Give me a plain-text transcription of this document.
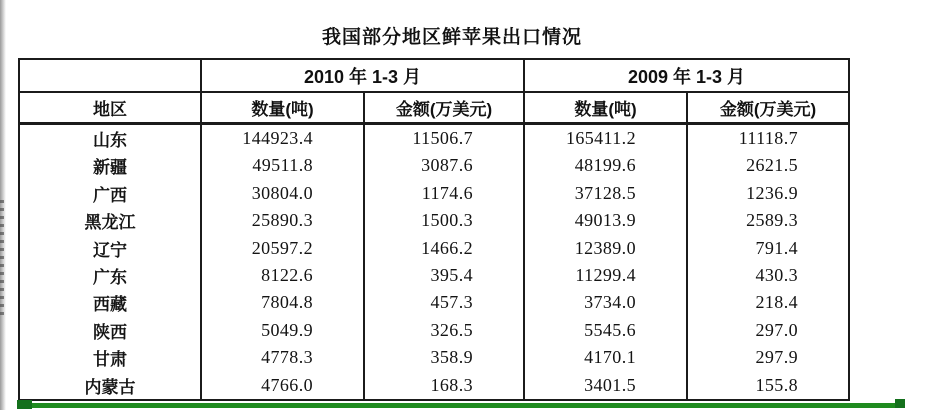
我国部分地区鲜苹果出口情况
	2010 年 1-3 月		2009 年 1-3 月	
地区	数量(吨)	金额(万美元)	数量(吨)	金额(万美元)
山东	144923.4	11506.7	165411.2	11118.7
新疆	49511.8	3087.6	48199.6	2621.5
广西	30804.0	1174.6	37128.5	1236.9
黑龙江	25890.3	1500.3	49013.9	2589.3
辽宁	20597.2	1466.2	12389.0	791.4
广东	8122.6	395.4	11299.4	430.3
西藏	7804.8	457.3	3734.0	218.4
陕西	5049.9	326.5	5545.6	297.0
甘肃	4778.3	358.9	4170.1	297.9
内蒙古	4766.0	168.3	3401.5	155.8
